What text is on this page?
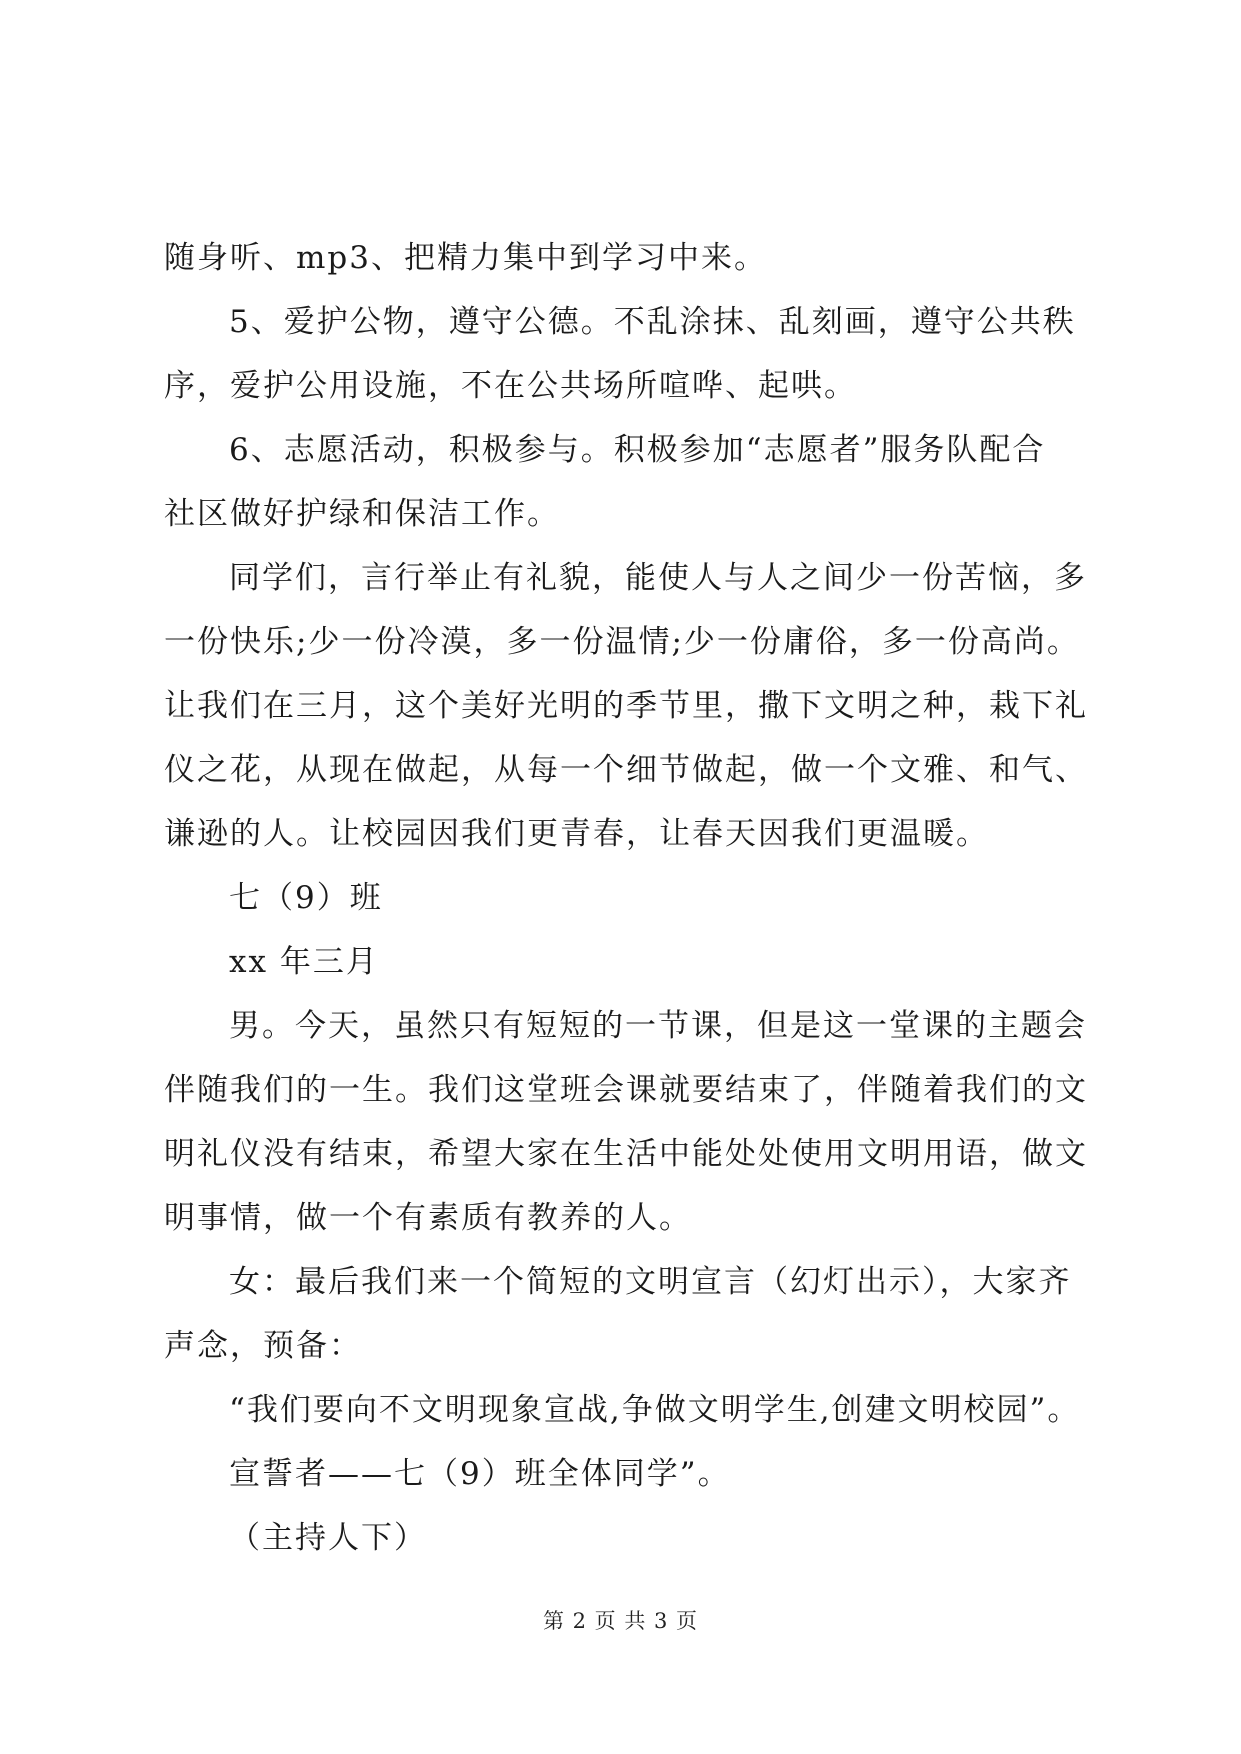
随身听、mp3、把精力集中到学习中来。
5、爱护公物，遵守公德。不乱涂抹、乱刻画，遵守公共秩
序，爱护公用设施，不在公共场所喧哗、起哄。
6、志愿活动，积极参与。积极参加“志愿者”服务队配合
社区做好护绿和保洁工作。
同学们，言行举止有礼貌，能使人与人之间少一份苦恼，多
一份快乐;少一份冷漠，多一份温情;少一份庸俗，多一份高尚。
让我们在三月，这个美好光明的季节里，撒下文明之种，栽下礼
仪之花，从现在做起，从每一个细节做起，做一个文雅、和气、
谦逊的人。让校园因我们更青春，让春天因我们更温暖。
七（9）班
xx 年三月
男。今天，虽然只有短短的一节课，但是这一堂课的主题会
伴随我们的一生。我们这堂班会课就要结束了，伴随着我们的文
明礼仪没有结束，希望大家在生活中能处处使用文明用语，做文
明事情，做一个有素质有教养的人。
女：最后我们来一个简短的文明宣言（幻灯出示），大家齐
声念，预备：
“我们要向不文明现象宣战,争做文明学生,创建文明校园”。
宣誓者——七（9）班全体同学”。
（主持人下）
第 2 页 共 3 页
